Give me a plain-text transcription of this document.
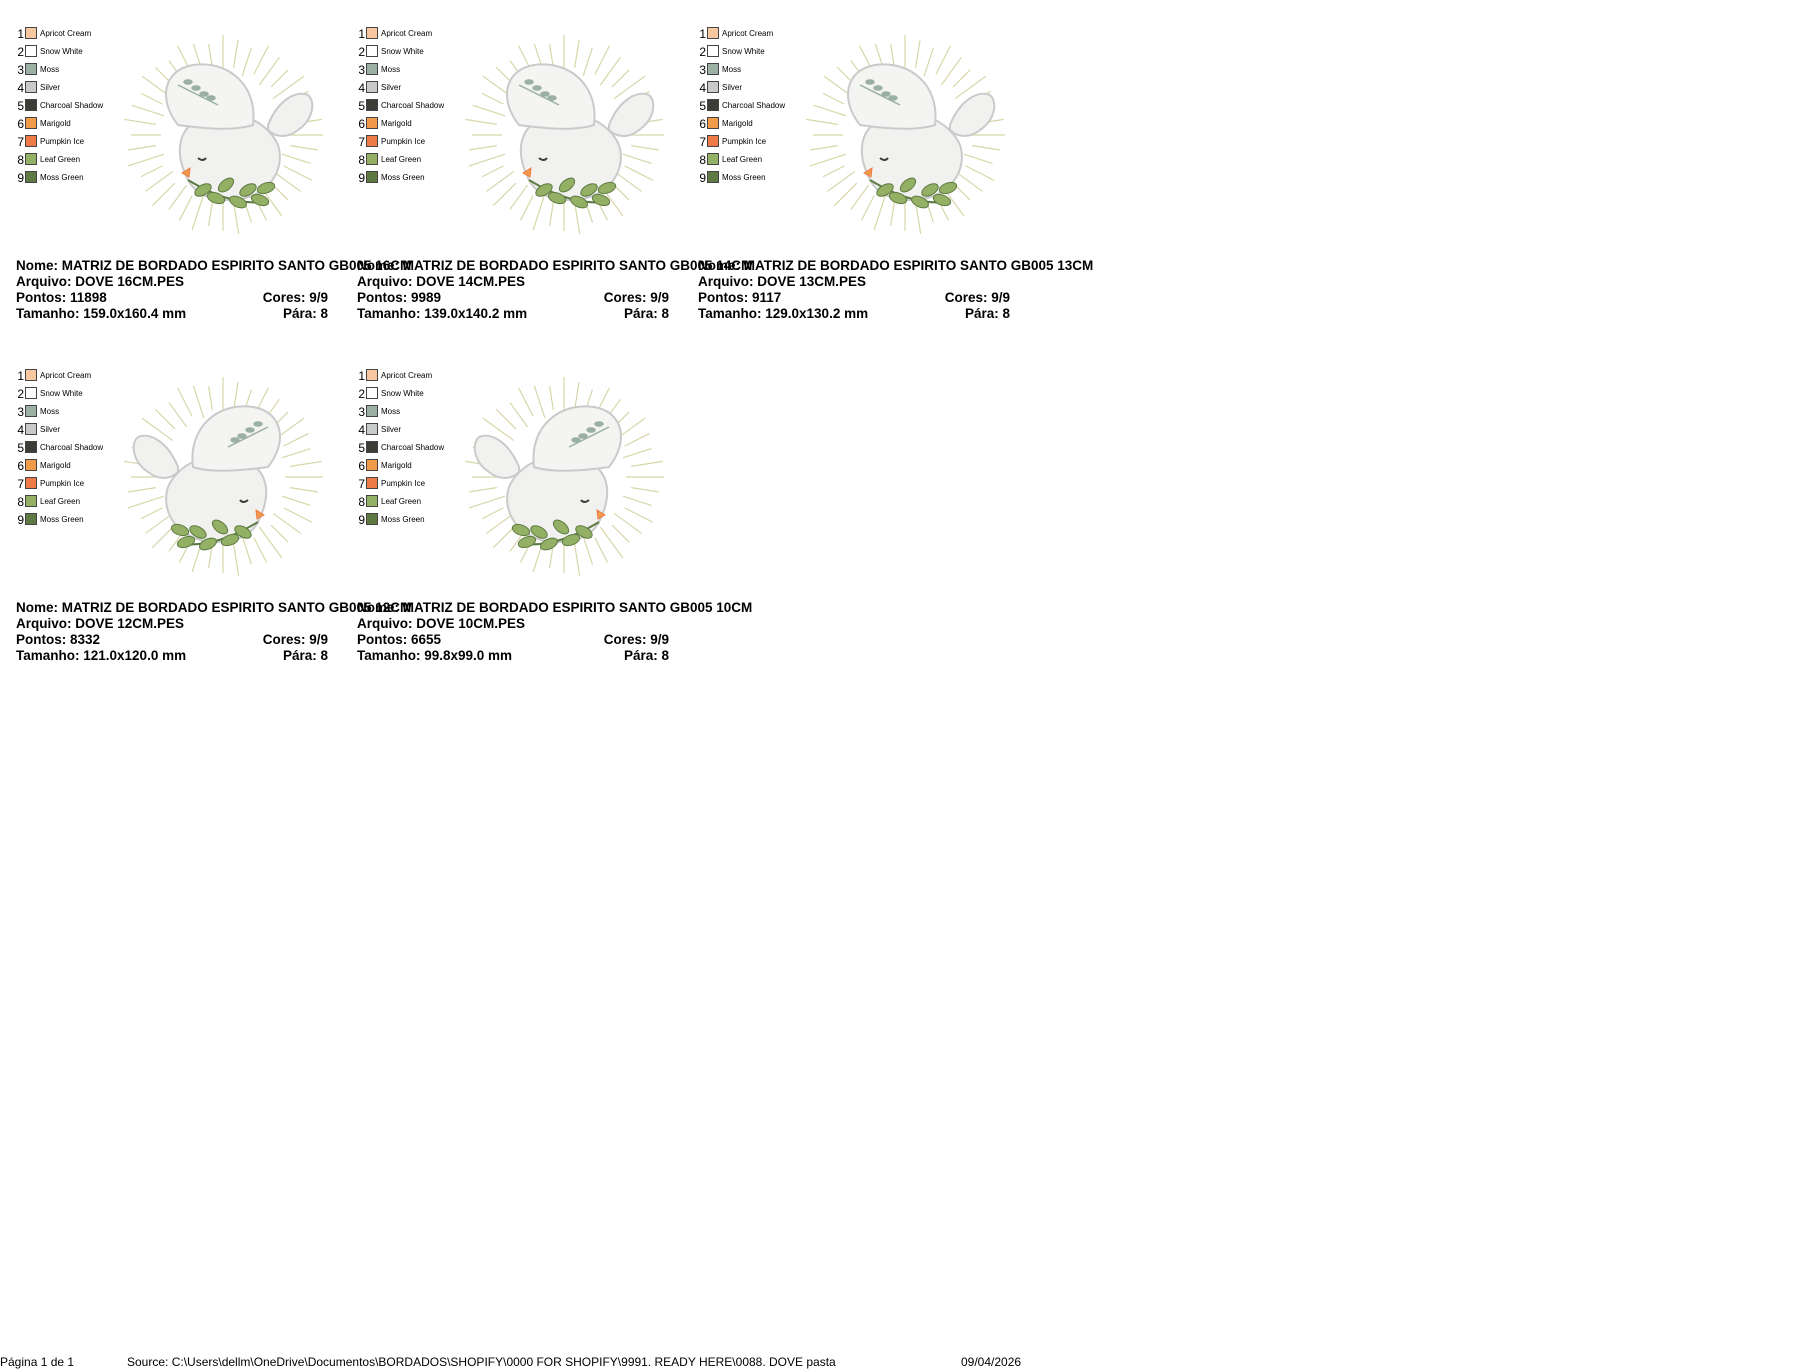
1 Apricot Cream
2 Snow White
3 Moss
4 Silver
5 Charcoal Shadow
6 Marigold
7 Pumpkin Ice
8 Leaf Green
9 Moss Green
Nome: MATRIZ DE BORDADO ESPIRITO SANTO GB005 16CM
Arquivo: DOVE 16CM.PES
Pontos: 11898	Cores: 9/9
Tamanho: 159.0x160.4 mm	Pára: 8
1 Apricot Cream
2 Snow White
3 Moss
4 Silver
5 Charcoal Shadow
6 Marigold
7 Pumpkin Ice
8 Leaf Green
9 Moss Green
Nome: MATRIZ DE BORDADO ESPIRITO SANTO GB005 14CM
Arquivo: DOVE 14CM.PES
Pontos: 9989	Cores: 9/9
Tamanho: 139.0x140.2 mm	Pára: 8
1 Apricot Cream
2 Snow White
3 Moss
4 Silver
5 Charcoal Shadow
6 Marigold
7 Pumpkin Ice
8 Leaf Green
9 Moss Green
Nome: MATRIZ DE BORDADO ESPIRITO SANTO GB005 13CM
Arquivo: DOVE 13CM.PES
Pontos: 9117	Cores: 9/9
Tamanho: 129.0x130.2 mm	Pára: 8
1 Apricot Cream
2 Snow White
3 Moss
4 Silver
5 Charcoal Shadow
6 Marigold
7 Pumpkin Ice
8 Leaf Green
9 Moss Green
Nome: MATRIZ DE BORDADO ESPIRITO SANTO GB005 12CM
Arquivo: DOVE 12CM.PES
Pontos: 8332	Cores: 9/9
Tamanho: 121.0x120.0 mm	Pára: 8
1 Apricot Cream
2 Snow White
3 Moss
4 Silver
5 Charcoal Shadow
6 Marigold
7 Pumpkin Ice
8 Leaf Green
9 Moss Green
Nome: MATRIZ DE BORDADO ESPIRITO SANTO GB005 10CM
Arquivo: DOVE 10CM.PES
Pontos: 6655	Cores: 9/9
Tamanho: 99.8x99.0 mm	Pára: 8
Página 1 de 1	Source: C:\Users\dellm\OneDrive\Documentos\BORDADOS\SHOPIFY\0000 FOR SHOPIFY\9991. READY HERE\0088. DOVE pasta	09/04/2026
